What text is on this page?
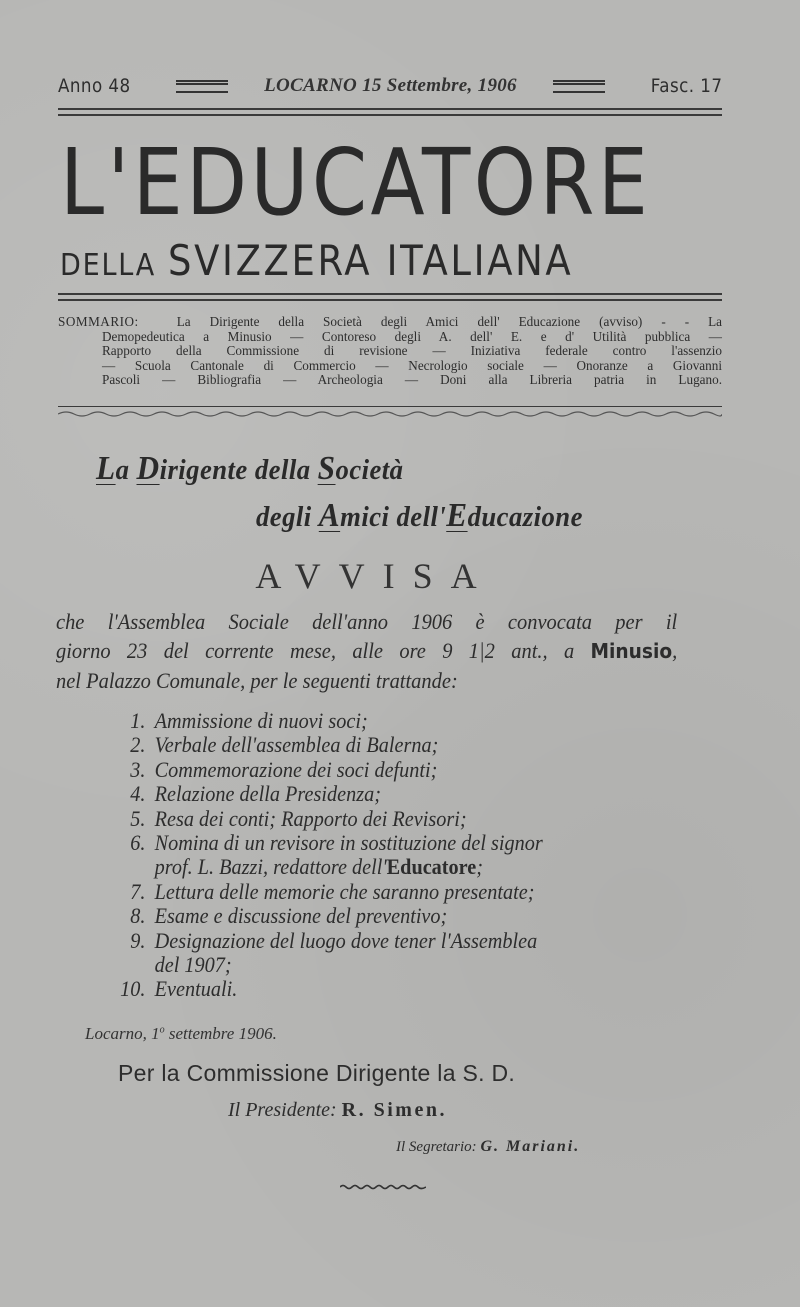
Anno 48	LOCARNO 15 Settembre, 1906	Fasc. 17
L'EDUCATORE
DELLA SVIZZERA ITALIANA
SOMMARIO:	La Dirigente della Società degli Amici dell' Educazione (avviso) - - La
Demopedeutica a Minusio — Contoreso degli A. dell' E. e d' Utilità pubblica —
Rapporto della Commissione di revisione — Iniziativa federale contro l'assenzio
— Scuola Cantonale di Commercio — Necrologio sociale — Onoranze a Giovanni
Pascoli — Bibliografia — Archeologia — Doni alla Libreria patria in Lugano.
La Dirigente della Società
degli Amici dell'Educazione
AVVISA
che l'Assemblea Sociale dell'anno 1906 è convocata per il
giorno 23 del corrente mese, alle ore 9 1|2 ant., a Minusio,
nel Palazzo Comunale, per le seguenti trattande:
1. Ammissione di nuovi soci;
2. Verbale dell'assemblea di Balerna;
3. Commemorazione dei soci defunti;
4. Relazione della Presidenza;
5. Resa dei conti; Rapporto dei Revisori;
6. Nomina di un revisore in sostituzione del signor
prof. L. Bazzi, redattore dell'Educatore;
7. Lettura delle memorie che saranno presentate;
8. Esame e discussione del preventivo;
9. Designazione del luogo dove tener l'Assemblea
del 1907;
10. Eventuali.
Locarno, 1$^o$ settembre 1906.
Per la Commissione Dirigente la S. D.
Il Presidente: R. Simen.
Il Segretario: G. Mariani.
